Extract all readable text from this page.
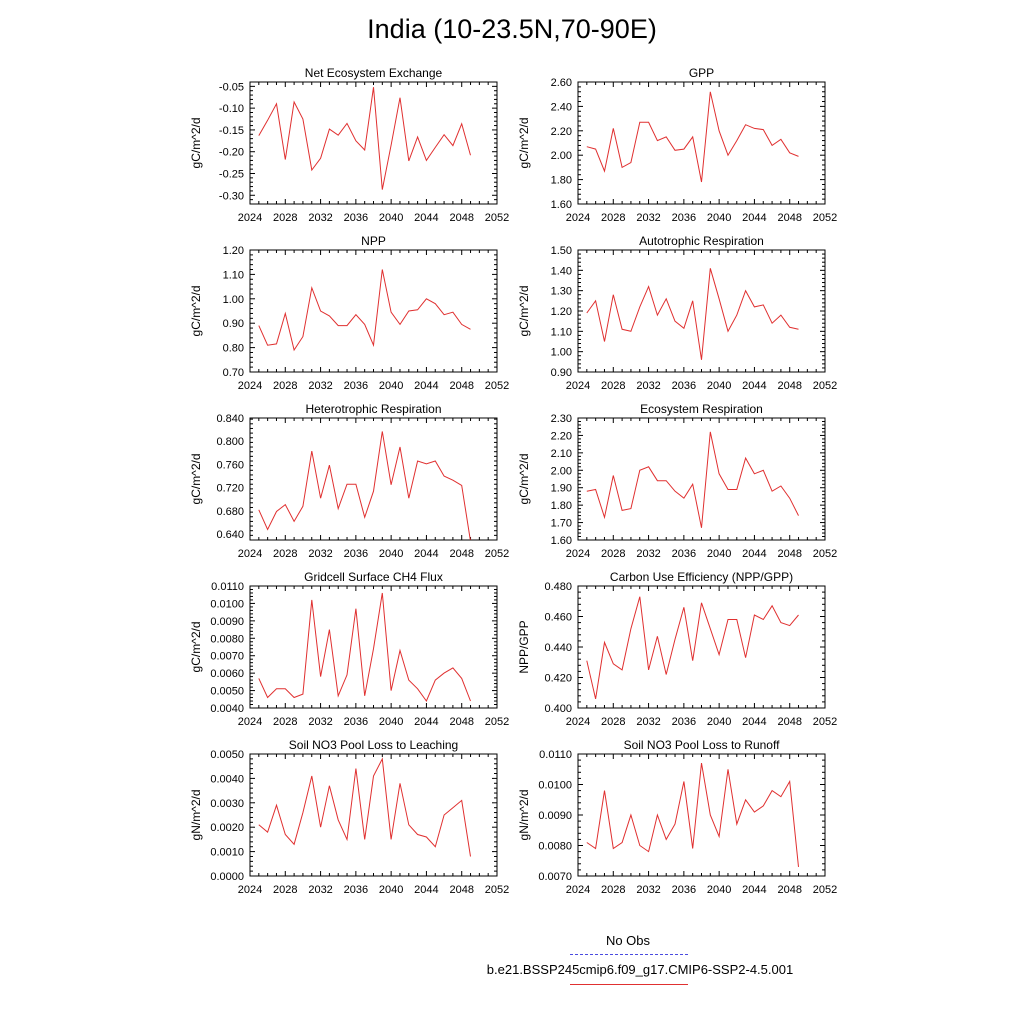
India (10-23.5N,70-90E)
Net Ecosystem Exchange
gC/m^2/d
2024 2028 2032 2036 2040 2044 2048 2052
-0.30
-0.25
-0.20
-0.15
-0.10
-0.05
GPP
gC/m^2/d
2024 2028 2032 2036 2040 2044 2048 2052
1.60
1.80
2.00
2.20
2.40
2.60
NPP
gC/m^2/d
2024 2028 2032 2036 2040 2044 2048 2052
0.70
0.80
0.90
1.00
1.10
1.20
Autotrophic Respiration
gC/m^2/d
2024 2028 2032 2036 2040 2044 2048 2052
0.90
1.00
1.10
1.20
1.30
1.40
1.50
Heterotrophic Respiration
gC/m^2/d
2024 2028 2032 2036 2040 2044 2048 2052
0.640
0.680
0.720
0.760
0.800
0.840
Ecosystem Respiration
gC/m^2/d
2024 2028 2032 2036 2040 2044 2048 2052
1.60
1.70
1.80
1.90
2.00
2.10
2.20
2.30
Gridcell Surface CH4 Flux
gC/m^2/d
2024 2028 2032 2036 2040 2044 2048 2052
0.0040
0.0050
0.0060
0.0070
0.0080
0.0090
0.0100
0.0110
Carbon Use Efficiency (NPP/GPP)
NPP/GPP
2024 2028 2032 2036 2040 2044 2048 2052
0.400
0.420
0.440
0.460
0.480
Soil NO3 Pool Loss to Leaching
gN/m^2/d
2024 2028 2032 2036 2040 2044 2048 2052
0.0000
0.0010
0.0020
0.0030
0.0040
0.0050
Soil NO3 Pool Loss to Runoff
gN/m^2/d
2024 2028 2032 2036 2040 2044 2048 2052
0.0070
0.0080
0.0090
0.0100
0.0110
No Obs
b.e21.BSSP245cmip6.f09_g17.CMIP6-SSP2-4.5.001
